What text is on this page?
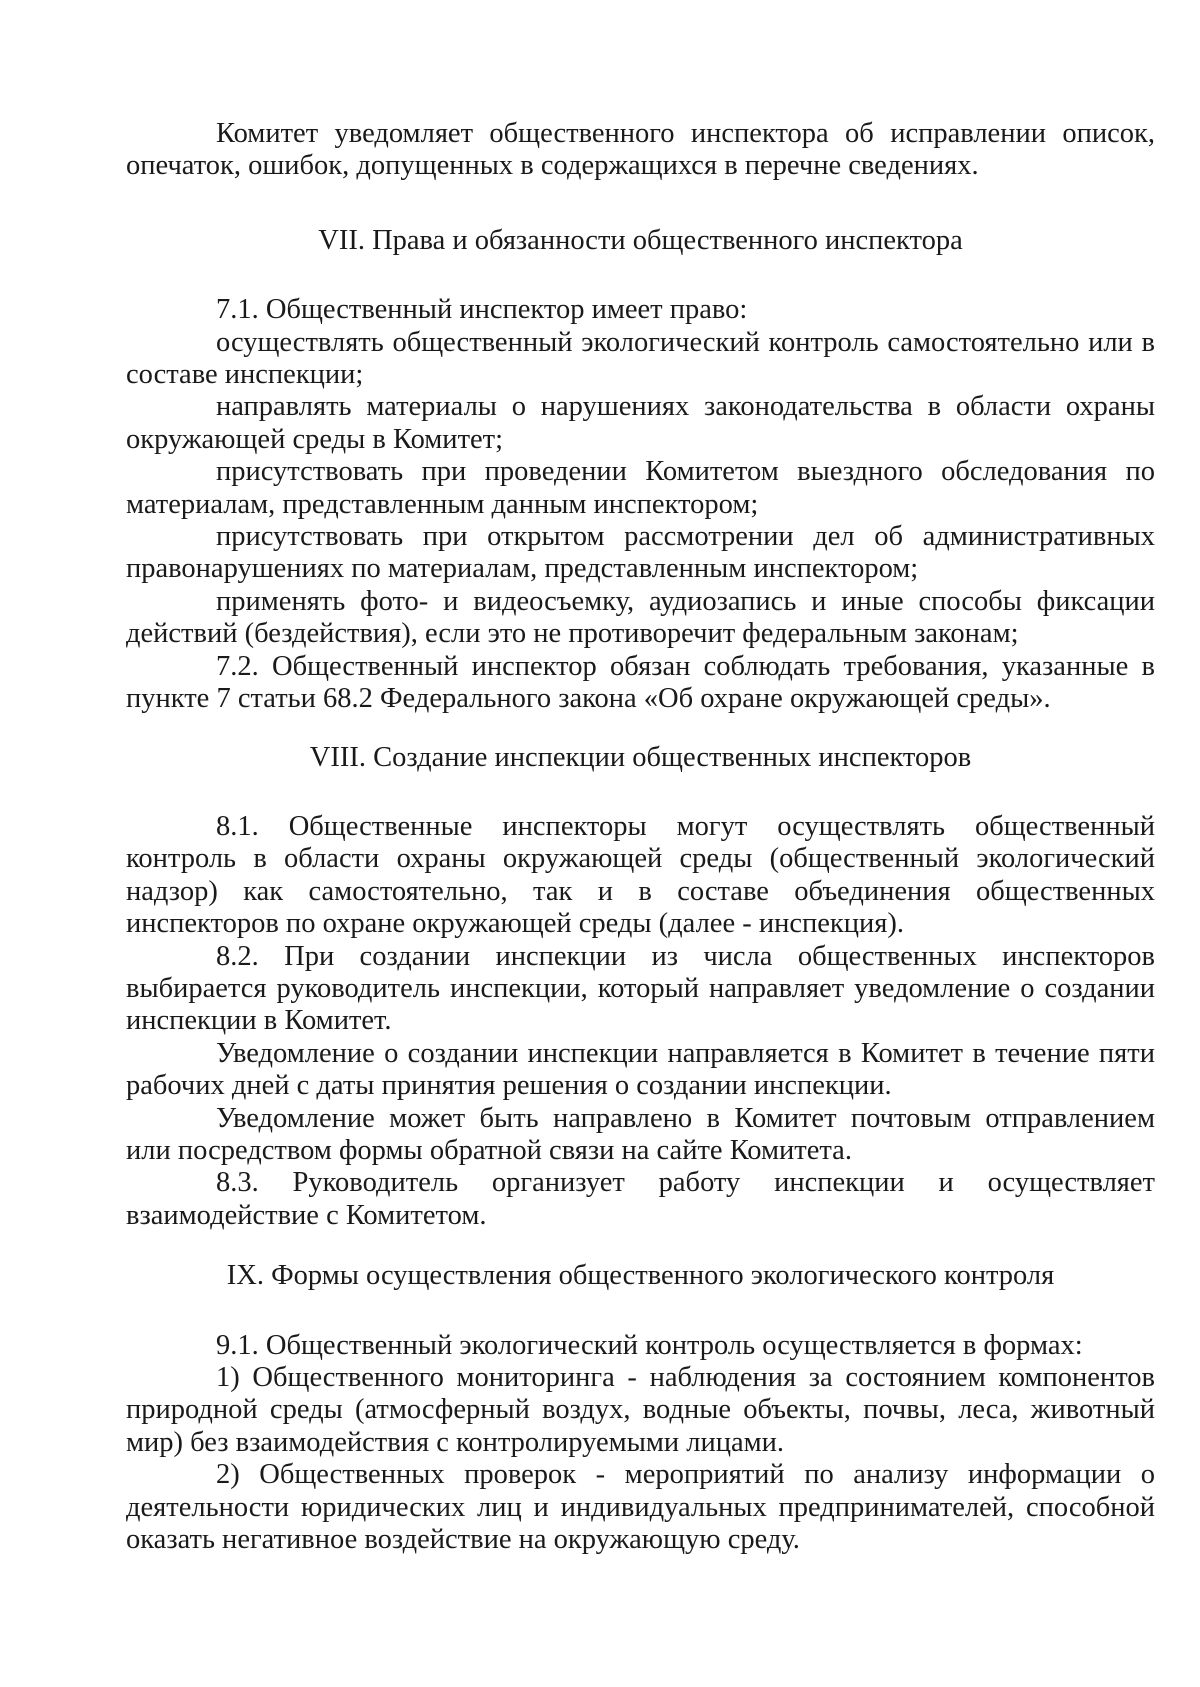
Комитет уведомляет общественного инспектора об исправлении описок, опечаток, ошибок, допущенных в содержащихся в перечне сведениях.

VII. Права и обязанности общественного инспектора

7.1. Общественный инспектор имеет право:

осуществлять общественный экологический контроль самостоятельно или в составе инспекции;

направлять материалы о нарушениях законодательства в области охраны окружающей среды в Комитет;

присутствовать при проведении Комитетом выездного обследования по материалам, представленным данным инспектором;

присутствовать при открытом рассмотрении дел об административных правонарушениях по материалам, представленным инспектором;

применять фото- и видеосъемку, аудиозапись и иные способы фиксации действий (бездействия), если это не противоречит федеральным законам;

7.2. Общественный инспектор обязан соблюдать требования, указанные в пункте 7 статьи 68.2 Федерального закона «Об охране окружающей среды».

VIII. Создание инспекции общественных инспекторов

8.1. Общественные инспекторы могут осуществлять общественный контроль в области охраны окружающей среды (общественный экологический надзор) как самостоятельно, так и в составе объединения общественных инспекторов по охране окружающей среды (далее - инспекция).

8.2. При создании инспекции из числа общественных инспекторов выбирается руководитель инспекции, который направляет уведомление о создании инспекции в Комитет.

Уведомление о создании инспекции направляется в Комитет в течение пяти рабочих дней с даты принятия решения о создании инспекции.

Уведомление может быть направлено в Комитет почтовым отправлением или посредством формы обратной связи на сайте Комитета.

8.3. Руководитель организует работу инспекции и осуществляет взаимодействие с Комитетом.

IX. Формы осуществления общественного экологического контроля

9.1. Общественный экологический контроль осуществляется в формах:

1) Общественного мониторинга - наблюдения за состоянием компонентов природной среды (атмосферный воздух, водные объекты, почвы, леса, животный мир) без взаимодействия с контролируемыми лицами.

2) Общественных проверок - мероприятий по анализу информации о деятельности юридических лиц и индивидуальных предпринимателей, способной оказать негативное воздействие на окружающую среду.
